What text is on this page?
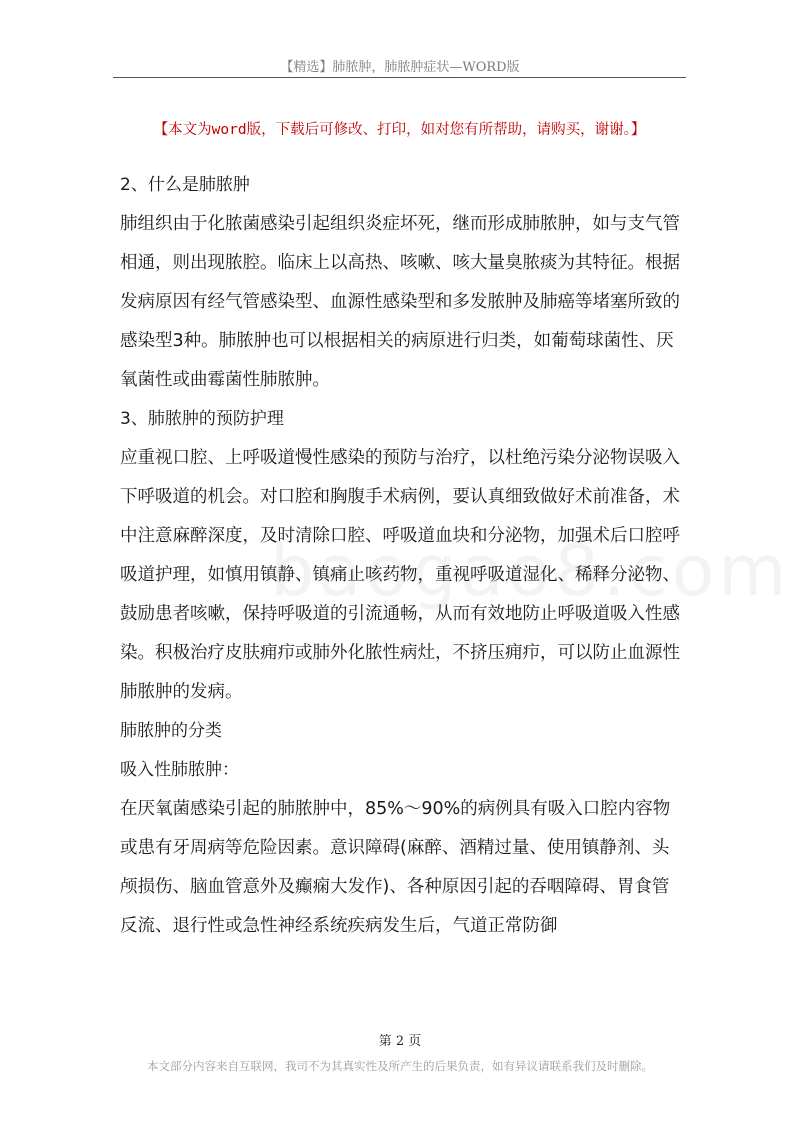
【精选】肺脓肿，肺脓肿症状—WORD版
【本文为word版，下载后可修改、打印，如对您有所帮助，请购买，谢谢。】

2、什么是肺脓肿

肺组织由于化脓菌感染引起组织炎症坏死，继而形成肺脓肿，如与支气管相通，则出现脓腔。临床上以高热、咳嗽、咳大量臭脓痰为其特征。根据发病原因有经气管感染型、血源性感染型和多发脓肿及肺癌等堵塞所致的感染型3种。肺脓肿也可以根据相关的病原进行归类，如葡萄球菌性、厌氧菌性或曲霉菌性肺脓肿。

3、肺脓肿的预防护理

应重视口腔、上呼吸道慢性感染的预防与治疗，以杜绝污染分泌物误吸入下呼吸道的机会。对口腔和胸腹手术病例，要认真细致做好术前准备，术中注意麻醉深度，及时清除口腔、呼吸道血块和分泌物，加强术后口腔呼吸道护理，如慎用镇静、镇痛止咳药物，重视呼吸道湿化、稀释分泌物、鼓励患者咳嗽，保持呼吸道的引流通畅，从而有效地防止呼吸道吸入性感染。积极治疗皮肤痈疖或肺外化脓性病灶，不挤压痈疖，可以防止血源性肺脓肿的发病。

肺脓肿的分类

吸入性肺脓肿：

在厌氧菌感染引起的肺脓肿中，85%～90%的病例具有吸入口腔内容物或患有牙周病等危险因素。意识障碍(麻醉、酒精过量、使用镇静剂、头颅损伤、脑血管意外及癫痫大发作)、各种原因引起的吞咽障碍、胃食管反流、退行性或急性神经系统疾病发生后，气道正常防御

第 2 页
本文部分内容来自互联网，我司不为其真实性及所产生的后果负责，如有异议请联系我们及时删除。
